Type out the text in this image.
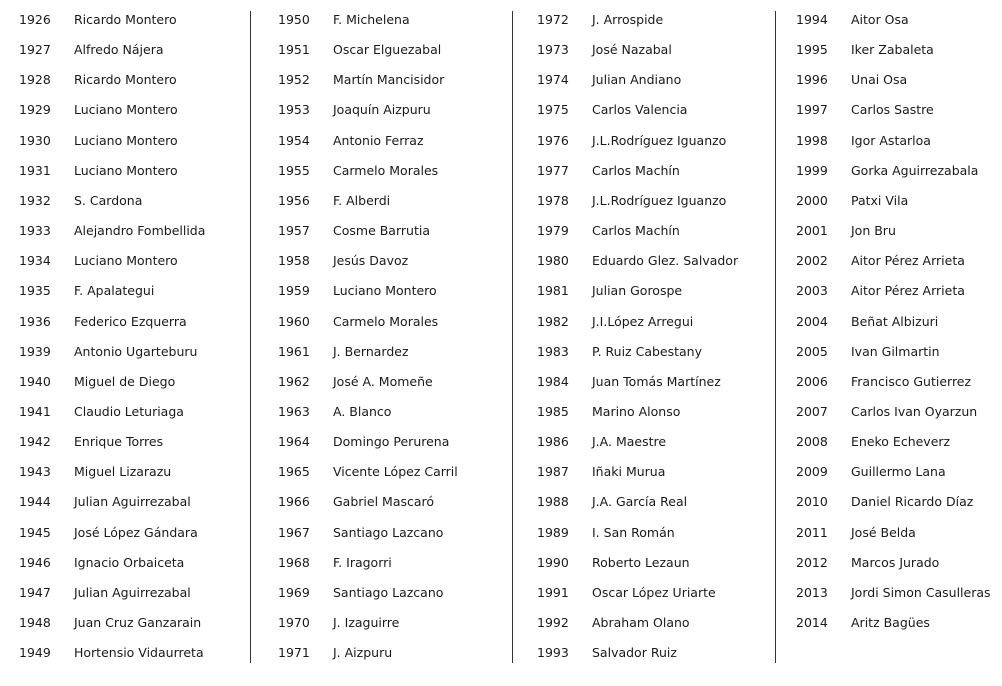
1926 Ricardo Montero
1927 Alfredo Nájera
1928 Ricardo Montero
1929 Luciano Montero
1930 Luciano Montero
1931 Luciano Montero
1932 S. Cardona
1933 Alejandro Fombellida
1934 Luciano Montero
1935 F. Apalategui
1936 Federico Ezquerra
1939 Antonio Ugarteburu
1940 Miguel de Diego
1941 Claudio Leturiaga
1942 Enrique Torres
1943 Miguel Lizarazu
1944 Julian Aguirrezabal
1945 José López Gándara
1946 Ignacio Orbaiceta
1947 Julian Aguirrezabal
1948 Juan Cruz Ganzarain
1949 Hortensio Vidaurreta
1950 F. Michelena
1951 Oscar Elguezabal
1952 Martín Mancisidor
1953 Joaquín Aizpuru
1954 Antonio Ferraz
1955 Carmelo Morales
1956 F. Alberdi
1957 Cosme Barrutia
1958 Jesús Davoz
1959 Luciano Montero
1960 Carmelo Morales
1961 J. Bernardez
1962 José A. Momeñe
1963 A. Blanco
1964 Domingo Perurena
1965 Vicente López Carril
1966 Gabriel Mascaró
1967 Santiago Lazcano
1968 F. Iragorri
1969 Santiago Lazcano
1970 J. Izaguirre
1971 J. Aizpuru
1972 J. Arrospide
1973 José Nazabal
1974 Julian Andiano
1975 Carlos Valencia
1976 J.L.Rodríguez Iguanzo
1977 Carlos Machín
1978 J.L.Rodríguez Iguanzo
1979 Carlos Machín
1980 Eduardo Glez. Salvador
1981 Julian Gorospe
1982 J.I.López Arregui
1983 P. Ruiz Cabestany
1984 Juan Tomás Martínez
1985 Marino Alonso
1986 J.A. Maestre
1987 Iñaki Murua
1988 J.A. García Real
1989 I. San Román
1990 Roberto Lezaun
1991 Oscar López Uriarte
1992 Abraham Olano
1993 Salvador Ruiz
1994 Aitor Osa
1995 Iker Zabaleta
1996 Unai Osa
1997 Carlos Sastre
1998 Igor Astarloa
1999 Gorka Aguirrezabala
2000 Patxi Vila
2001 Jon Bru
2002 Aitor Pérez Arrieta
2003 Aitor Pérez Arrieta
2004 Beñat Albizuri
2005 Ivan Gilmartin
2006 Francisco Gutierrez
2007 Carlos Ivan Oyarzun
2008 Eneko Echeverz
2009 Guillermo Lana
2010 Daniel Ricardo Díaz
2011 José Belda
2012 Marcos Jurado
2013 Jordi Simon Casulleras
2014 Aritz Bagües
